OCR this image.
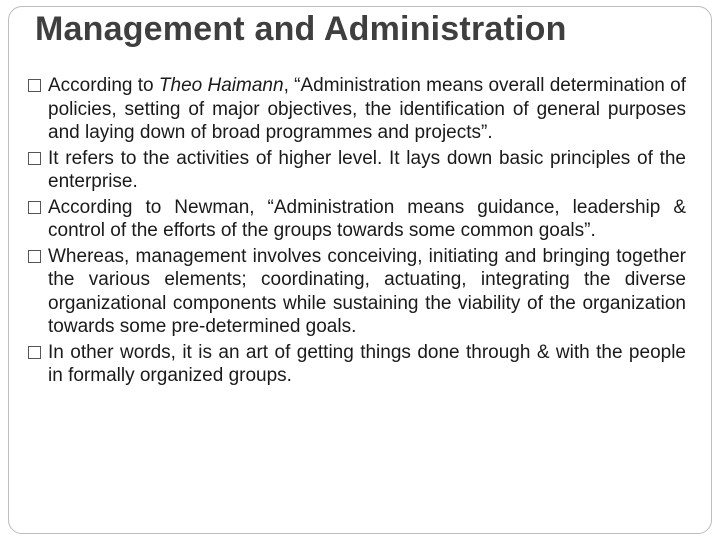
Management and Administration
According to Theo Haimann, “Administration means overall determination of policies, setting of major objectives, the identification of general purposes and laying down of broad programmes and projects”.
It refers to the activities of higher level. It lays down basic principles of the enterprise.
According to Newman, “Administration means guidance, leadership & control of the efforts of the groups towards some common goals”.
Whereas, management involves conceiving, initiating and bringing together the various elements; coordinating, actuating, integrating the diverse organizational components while sustaining the viability of the organization towards some pre-determined goals.
In other words, it is an art of getting things done through & with the people in formally organized groups.
